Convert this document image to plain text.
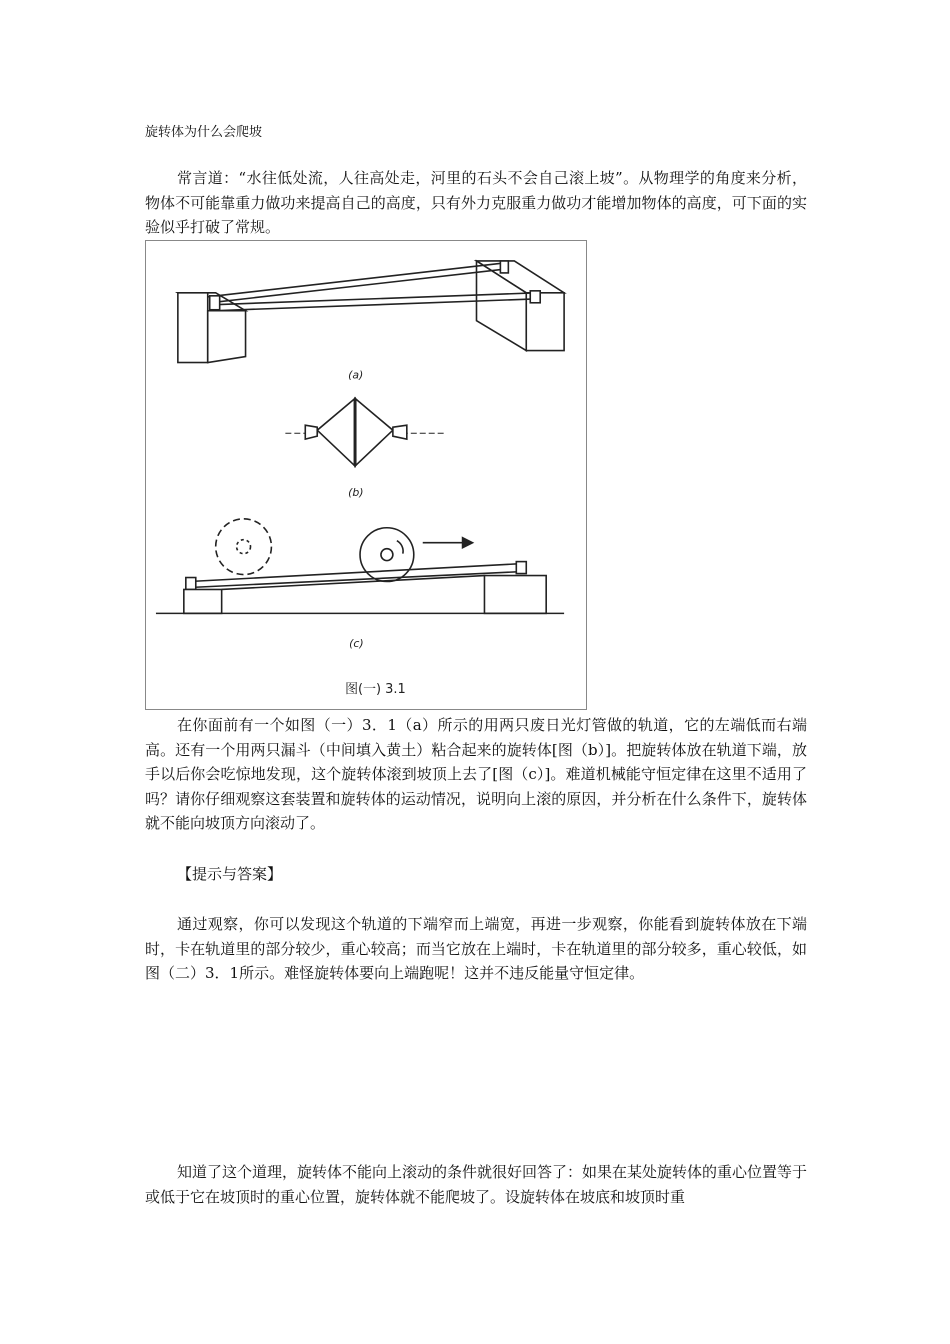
旋转体为什么会爬坡

常言道：“水往低处流，人往高处走，河里的石头不会自己滚上坡”。从物理学的角度来分析，物体不可能靠重力做功来提高自己的高度，只有外力克服重力做功才能增加物体的高度，可下面的实验似乎打破了常规。

(a)
(b)
(c)
图(一) 3.1

在你面前有一个如图（一）3．1（a）所示的用两只废日光灯管做的轨道，它的左端低而右端高。还有一个用两只漏斗（中间填入黄土）粘合起来的旋转体[图（b）]。把旋转体放在轨道下端，放手以后你会吃惊地发现，这个旋转体滚到坡顶上去了[图（c）]。难道机械能守恒定律在这里不适用了吗？请你仔细观察这套装置和旋转体的运动情况，说明向上滚的原因，并分析在什么条件下，旋转体就不能向坡顶方向滚动了。

【提示与答案】

通过观察，你可以发现这个轨道的下端窄而上端宽，再进一步观察，你能看到旋转体放在下端时，卡在轨道里的部分较少，重心较高；而当它放在上端时，卡在轨道里的部分较多，重心较低，如图（二）3．1所示。难怪旋转体要向上端跑呢！这并不违反能量守恒定律。

知道了这个道理，旋转体不能向上滚动的条件就很好回答了：如果在某处旋转体的重心位置等于或低于它在坡顶时的重心位置，旋转体就不能爬坡了。设旋转体在坡底和坡顶时重
